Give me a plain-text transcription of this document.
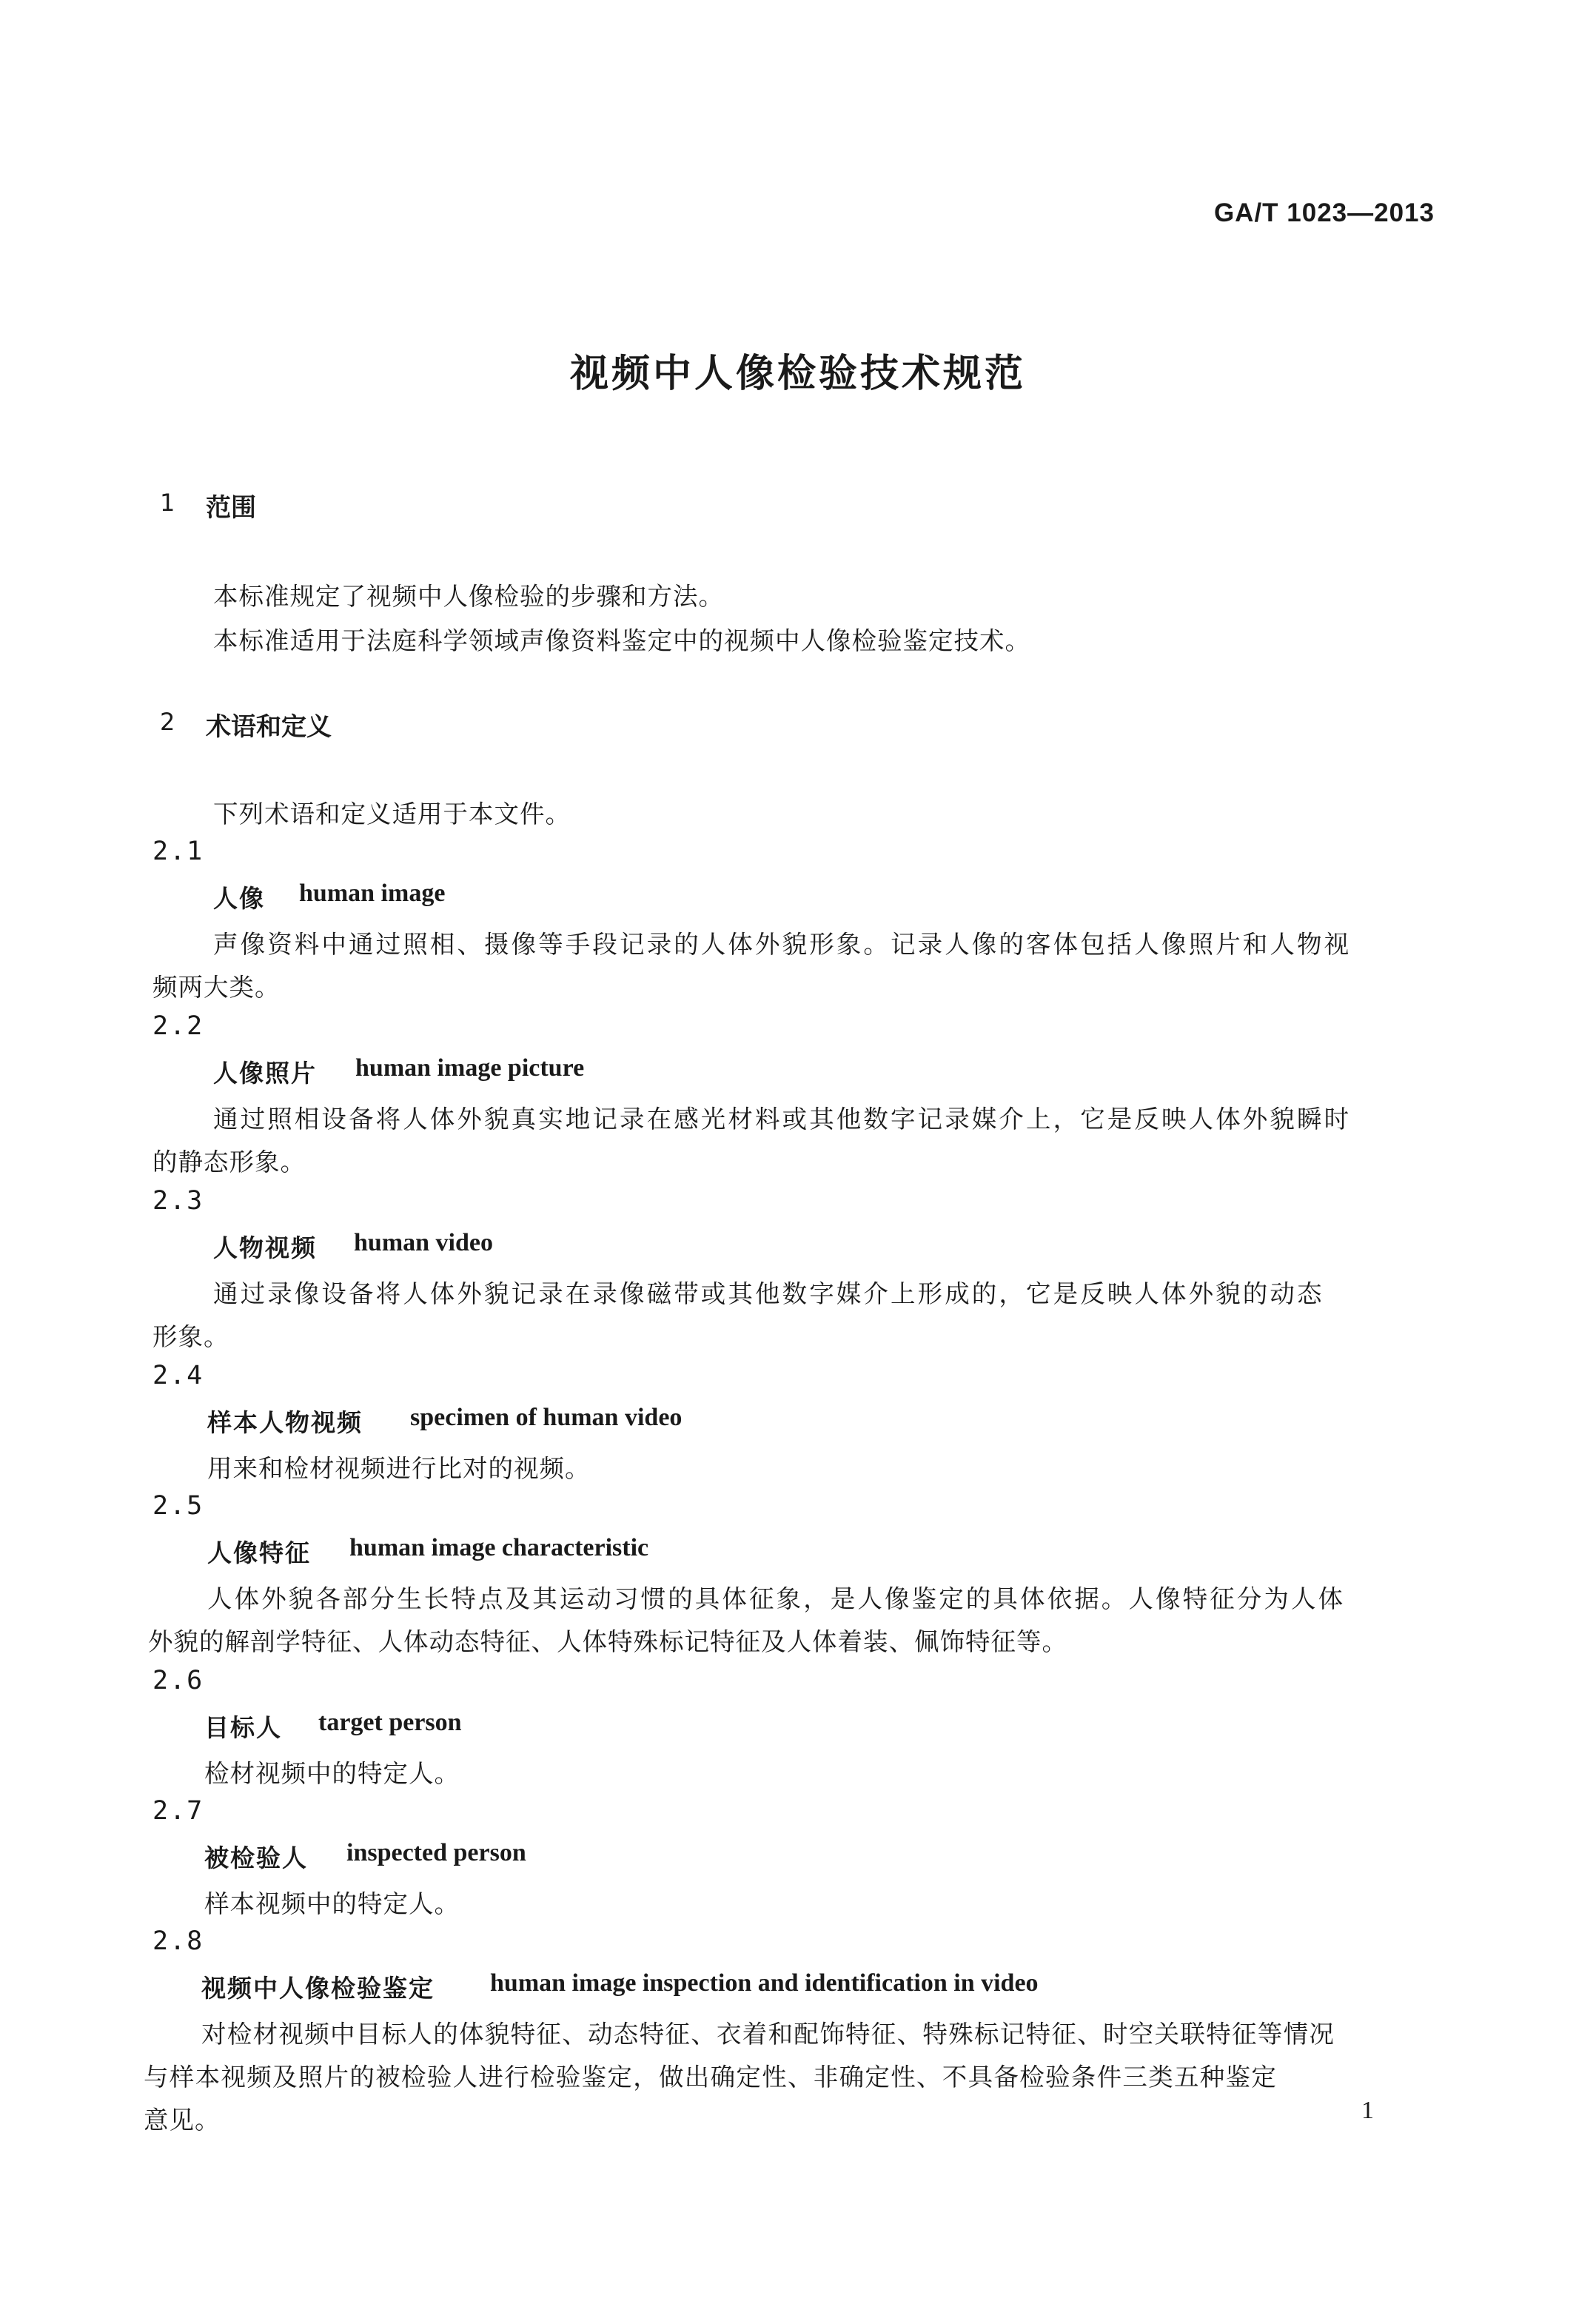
GA/T 1023—2013
视频中人像检验技术规范
1 范围
本标准规定了视频中人像检验的步骤和方法。
本标准适用于法庭科学领域声像资料鉴定中的视频中人像检验鉴定技术。
2 术语和定义
下列术语和定义适用于本文件。
2.1
人像 human image
声像资料中通过照相、摄像等手段记录的人体外貌形象。记录人像的客体包括人像照片和人物视
频两大类。
2.2
人像照片 human image picture
通过照相设备将人体外貌真实地记录在感光材料或其他数字记录媒介上，它是反映人体外貌瞬时
的静态形象。
2.3
人物视频 human video
通过录像设备将人体外貌记录在录像磁带或其他数字媒介上形成的，它是反映人体外貌的动态
形象。
2.4
样本人物视频 specimen of human video
用来和检材视频进行比对的视频。
2.5
人像特征 human image characteristic
人体外貌各部分生长特点及其运动习惯的具体征象，是人像鉴定的具体依据。人像特征分为人体
外貌的解剖学特征、人体动态特征、人体特殊标记特征及人体着装、佩饰特征等。
2.6
目标人 target person
检材视频中的特定人。
2.7
被检验人 inspected person
样本视频中的特定人。
2.8
视频中人像检验鉴定 human image inspection and identification in video
对检材视频中目标人的体貌特征、动态特征、衣着和配饰特征、特殊标记特征、时空关联特征等情况
与样本视频及照片的被检验人进行检验鉴定，做出确定性、非确定性、不具备检验条件三类五种鉴定
意见。	1
